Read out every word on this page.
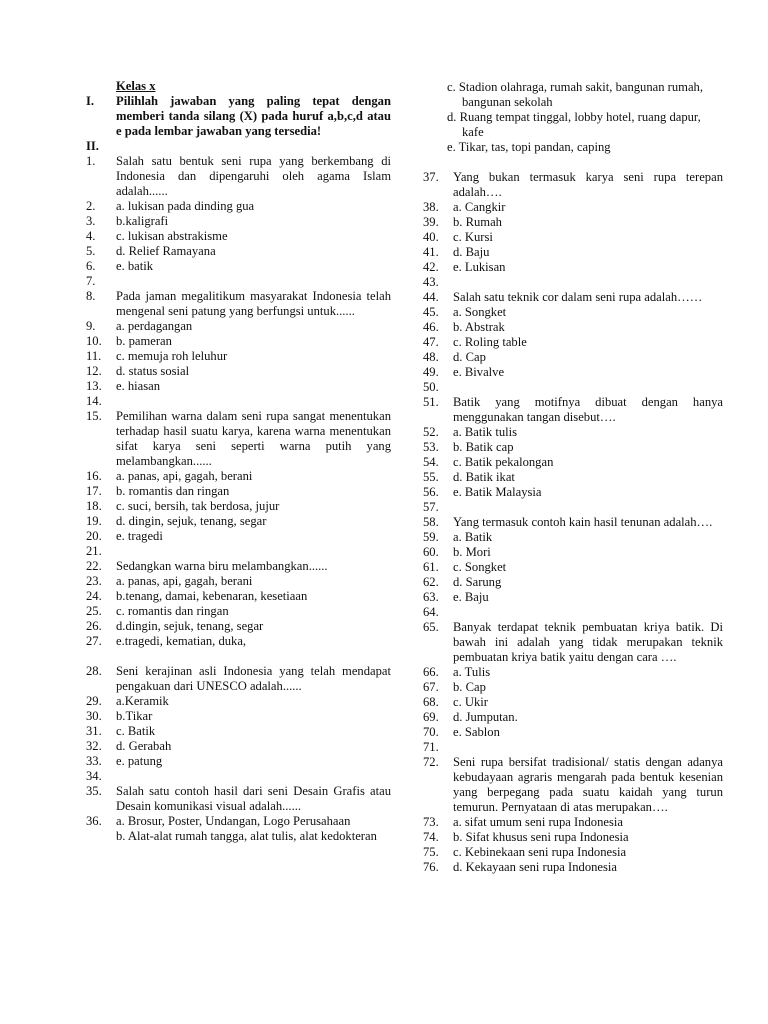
Kelas x
I.	Pilihlah jawaban yang paling tepat dengan memberi tanda silang (X) pada huruf a,b,c,d atau e pada lembar jawaban yang tersedia!
II.
1.	Salah satu bentuk seni rupa yang berkembang di Indonesia dan dipengaruhi oleh agama Islam adalah......
2.	a. lukisan pada dinding gua
3.	b.kaligrafi
4.	c. lukisan abstrakisme
5.	d. Relief Ramayana
6.	e. batik
7.
8.	Pada jaman megalitikum masyarakat Indonesia telah mengenal seni patung yang berfungsi untuk......
9.	a. perdagangan
10.	b. pameran
11.	c. memuja roh leluhur
12.	d. status sosial
13.	e. hiasan
14.
15.	Pemilihan warna dalam seni rupa sangat menentukan terhadap hasil suatu karya, karena warna menentukan sifat karya seni seperti warna putih yang melambangkan......
16.	a. panas, api, gagah, berani
17.	b. romantis dan ringan
18.	c. suci, bersih, tak berdosa, jujur
19.	d. dingin, sejuk, tenang, segar
20.	e. tragedi
21.
22.	Sedangkan warna biru melambangkan......
23.	a. panas, api, gagah, berani
24.	b.tenang, damai, kebenaran, kesetiaan
25.	c. romantis dan ringan
26.	d.dingin, sejuk, tenang, segar
27.	e.tragedi, kematian, duka,
28.	Seni kerajinan asli Indonesia yang telah mendapat pengakuan dari UNESCO adalah......
29.	a.Keramik
30.	b.Tikar
31.	c. Batik
32.	d. Gerabah
33.	e. patung
34.
35.	Salah satu contoh hasil dari seni Desain Grafis atau Desain komunikasi visual adalah......
36.	a. Brosur, Poster, Undangan, Logo Perusahaan
b. Alat-alat rumah tangga, alat tulis, alat kedokteran
c. Stadion olahraga, rumah sakit, bangunan rumah, bangunan sekolah
d. Ruang tempat tinggal, lobby hotel, ruang dapur, kafe
e. Tikar, tas, topi pandan, caping
37.	Yang bukan termasuk karya seni rupa terepan adalah….
38.	a. Cangkir
39.	b. Rumah
40.	c. Kursi
41.	d. Baju
42.	e. Lukisan
43.
44.	Salah satu teknik cor dalam seni rupa adalah……
45.	a. Songket
46.	b. Abstrak
47.	c. Roling table
48.	d. Cap
49.	e. Bivalve
50.
51.	Batik yang motifnya dibuat dengan hanya menggunakan tangan disebut….
52.	a. Batik tulis
53.	b. Batik cap
54.	c. Batik pekalongan
55.	d. Batik ikat
56.	e. Batik Malaysia
57.
58.	Yang termasuk contoh kain hasil tenunan adalah….
59.	a. Batik
60.	b. Mori
61.	c. Songket
62.	d. Sarung
63.	e. Baju
64.
65.	Banyak terdapat teknik pembuatan kriya batik. Di bawah ini adalah yang tidak merupakan teknik pembuatan kriya batik yaitu dengan cara ….
66.	a. Tulis
67.	b. Cap
68.	c. Ukir
69.	d. Jumputan.
70.	e. Sablon
71.
72.	Seni rupa bersifat tradisional/ statis dengan adanya kebudayaan agraris mengarah pada bentuk kesenian yang berpegang pada suatu kaidah yang turun temurun. Pernyataan di atas merupakan….
73.	a. sifat umum seni rupa Indonesia
74.	b. Sifat khusus seni rupa Indonesia
75.	c. Kebinekaan seni rupa Indonesia
76.	d. Kekayaan seni rupa Indonesia
